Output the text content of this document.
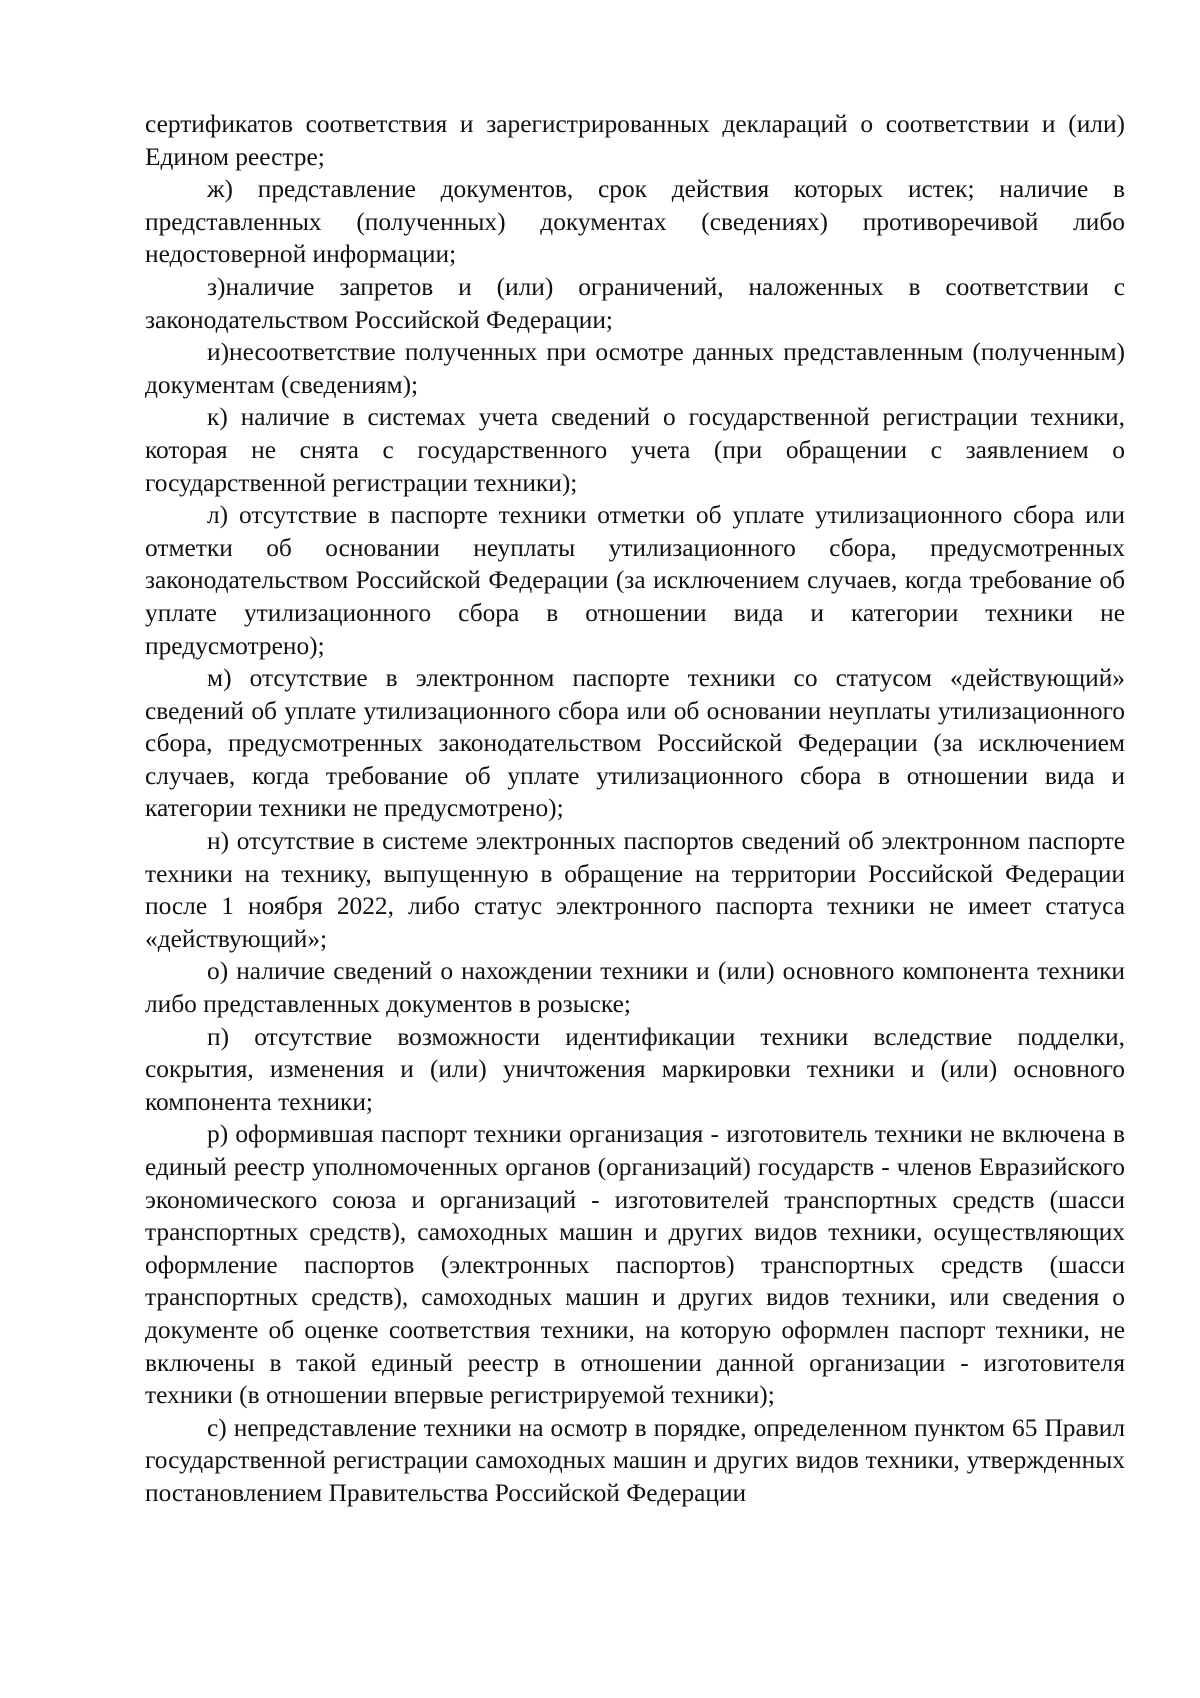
сертификатов соответствия и зарегистрированных деклараций о соответствии и (или) Едином реестре;

ж) представление документов, срок действия которых истек; наличие в представленных (полученных) документах (сведениях) противоречивой либо недостоверной информации;

з)наличие запретов и (или) ограничений, наложенных в соответствии с законодательством Российской Федерации;

и)несоответствие полученных при осмотре данных представленным (полученным) документам (сведениям);

к) наличие в системах учета сведений о государственной регистрации техники, которая не снята с государственного учета (при обращении с заявлением о государственной регистрации техники);

л) отсутствие в паспорте техники отметки об уплате утилизационного сбора или отметки об основании неуплаты утилизационного сбора, предусмотренных законодательством Российской Федерации (за исключением случаев, когда требование об уплате утилизационного сбора в отношении вида и категории техники не предусмотрено);

м) отсутствие в электронном паспорте техники со статусом «действующий» сведений об уплате утилизационного сбора или об основании неуплаты утилизационного сбора, предусмотренных законодательством Российской Федерации (за исключением случаев, когда требование об уплате утилизационного сбора в отношении вида и категории техники не предусмотрено);

н) отсутствие в системе электронных паспортов сведений об электронном паспорте техники на технику, выпущенную в обращение на территории Российской Федерации после 1 ноября 2022, либо статус электронного паспорта техники не имеет статуса «действующий»;

о) наличие сведений о нахождении техники и (или) основного компонента техники либо представленных документов в розыске;

п) отсутствие возможности идентификации техники вследствие подделки, сокрытия, изменения и (или) уничтожения маркировки техники и (или) основного компонента техники;

р) оформившая паспорт техники организация - изготовитель техники не включена в единый реестр уполномоченных органов (организаций) государств - членов Евразийского экономического союза и организаций - изготовителей транспортных средств (шасси транспортных средств), самоходных машин и других видов техники, осуществляющих оформление паспортов (электронных паспортов) транспортных средств (шасси транспортных средств), самоходных машин и других видов техники, или сведения о документе об оценке соответствия техники, на которую оформлен паспорт техники, не включены в такой единый реестр в отношении данной организации - изготовителя техники (в отношении впервые регистрируемой техники);

с) непредставление техники на осмотр в порядке, определенном пунктом 65 Правил государственной регистрации самоходных машин и других видов техники, утвержденных постановлением Правительства Российской Федерации
